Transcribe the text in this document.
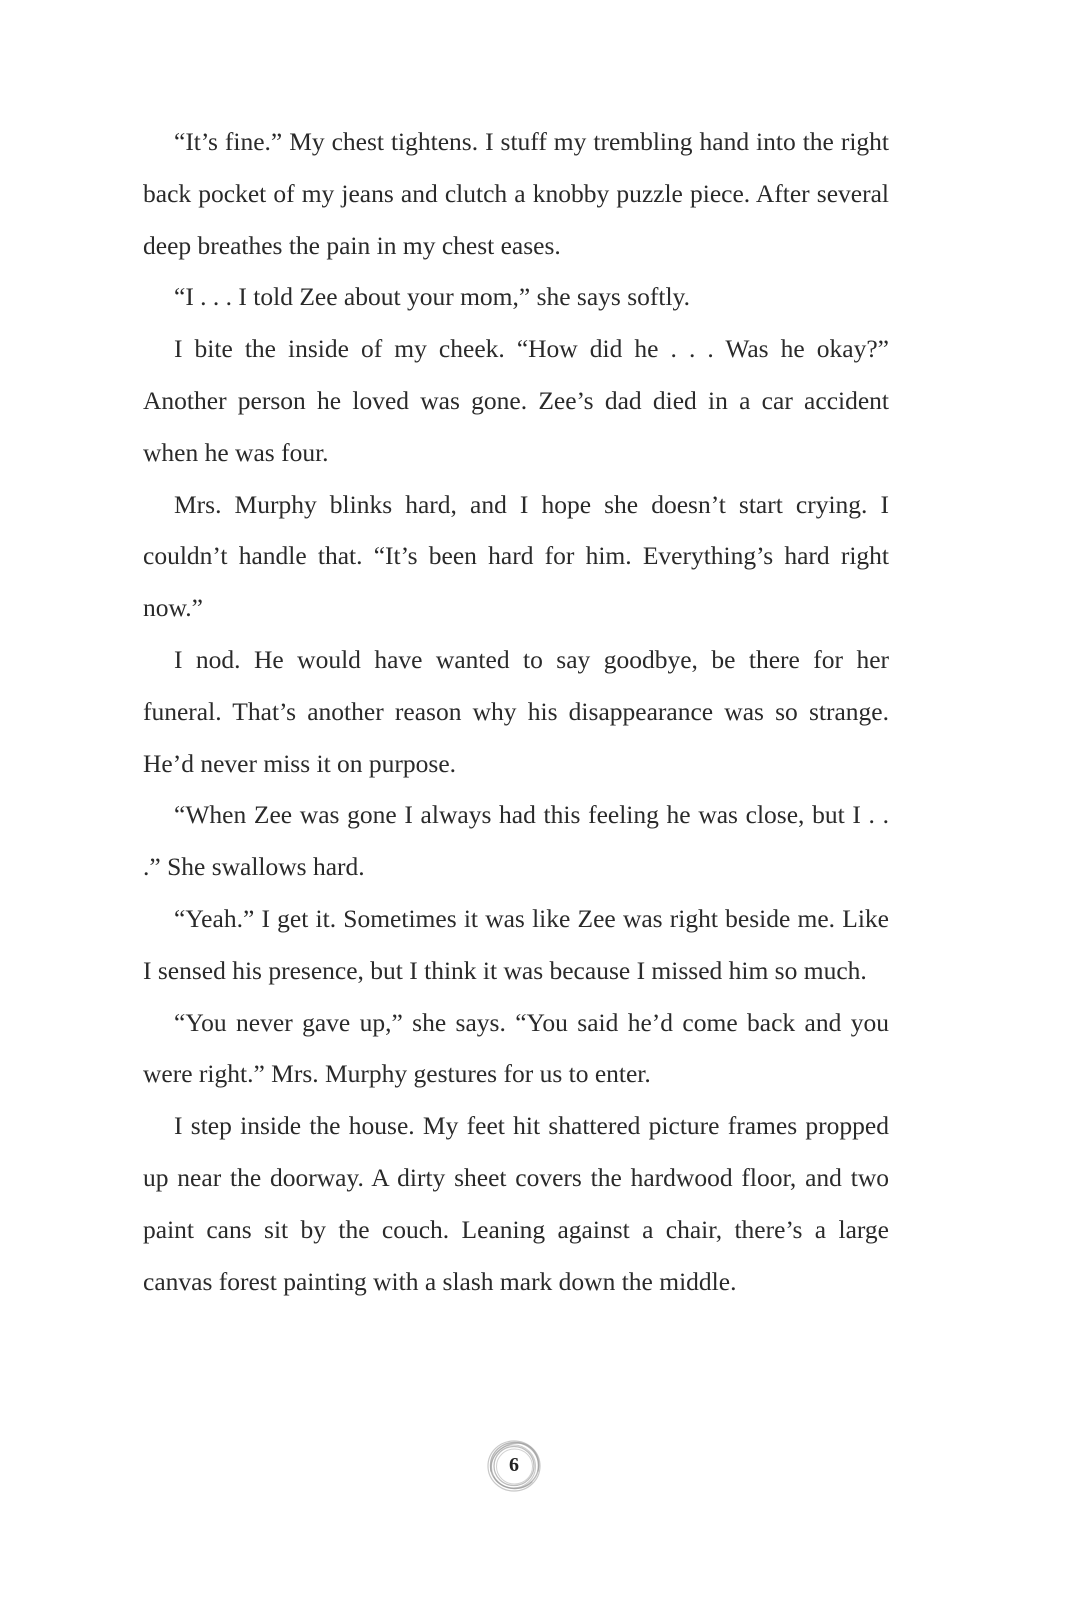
“It’s fine.” My chest tightens. I stuff my trembling hand into the right back pocket of my jeans and clutch a knobby puzzle piece. After several deep breathes the pain in my chest eases.

“I . . . I told Zee about your mom,” she says softly.

I bite the inside of my cheek. “How did he . . . Was he okay?” Another person he loved was gone. Zee’s dad died in a car accident when he was four.

Mrs. Murphy blinks hard, and I hope she doesn’t start crying. I couldn’t handle that. “It’s been hard for him. Everything’s hard right now.”

I nod. He would have wanted to say goodbye, be there for her funeral. That’s another reason why his disappearance was so strange. He’d never miss it on purpose.

“When Zee was gone I always had this feeling he was close, but I . . .” She swallows hard.

“Yeah.” I get it. Sometimes it was like Zee was right beside me. Like I sensed his presence, but I think it was because I missed him so much.

“You never gave up,” she says. “You said he’d come back and you were right.” Mrs. Murphy gestures for us to enter.

I step inside the house. My feet hit shattered picture frames propped up near the doorway. A dirty sheet covers the hardwood floor, and two paint cans sit by the couch. Leaning against a chair, there’s a large canvas forest painting with a slash mark down the middle.

6
